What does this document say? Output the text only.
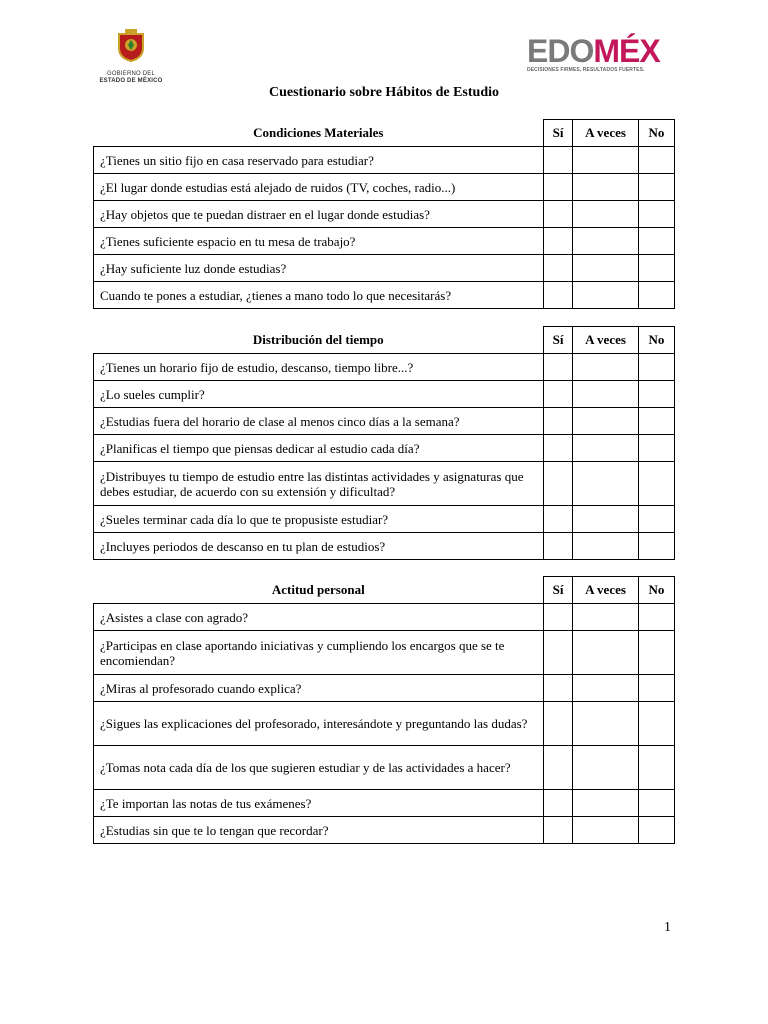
GOBIERNO DEL
ESTADO DE MÉXICO
EDOMÉX
DECISIONES FIRMES, RESULTADOS FUERTES.
Cuestionario sobre Hábitos de Estudio
Condiciones Materiales	Sí	A veces	No
¿Tienes un sitio fijo en casa reservado para estudiar?			
¿El lugar donde estudias está alejado de ruidos (TV, coches, radio...)			
¿Hay objetos que te puedan distraer en el lugar donde estudias?			
¿Tienes suficiente espacio en tu mesa de trabajo?			
¿Hay suficiente luz donde estudias?			
Cuando te pones a estudiar, ¿tienes a mano todo lo que necesitarás?			
Distribución del tiempo	Sí	A veces	No
¿Tienes un horario fijo de estudio, descanso, tiempo libre...?			
¿Lo sueles cumplir?			
¿Estudias fuera del horario de clase al menos cinco días a la semana?			
¿Planificas el tiempo que piensas dedicar al estudio cada día?			
¿Distribuyes tu tiempo de estudio entre las distintas actividades y asignaturas que debes estudiar, de acuerdo con su extensión y dificultad?			
¿Sueles terminar cada día lo que te propusiste estudiar?			
¿Incluyes periodos de descanso en tu plan de estudios?			
Actitud personal	Sí	A veces	No
¿Asistes a clase con agrado?			
¿Participas en clase aportando iniciativas y cumpliendo los encargos que se te encomiendan?			
¿Miras al profesorado cuando explica?			
¿Sigues las explicaciones del profesorado, interesándote y preguntando las dudas?			
¿Tomas nota cada día de los que sugieren estudiar y de las actividades a hacer?			
¿Te importan las notas de tus exámenes?			
¿Estudias sin que te lo tengan que recordar?			
1
